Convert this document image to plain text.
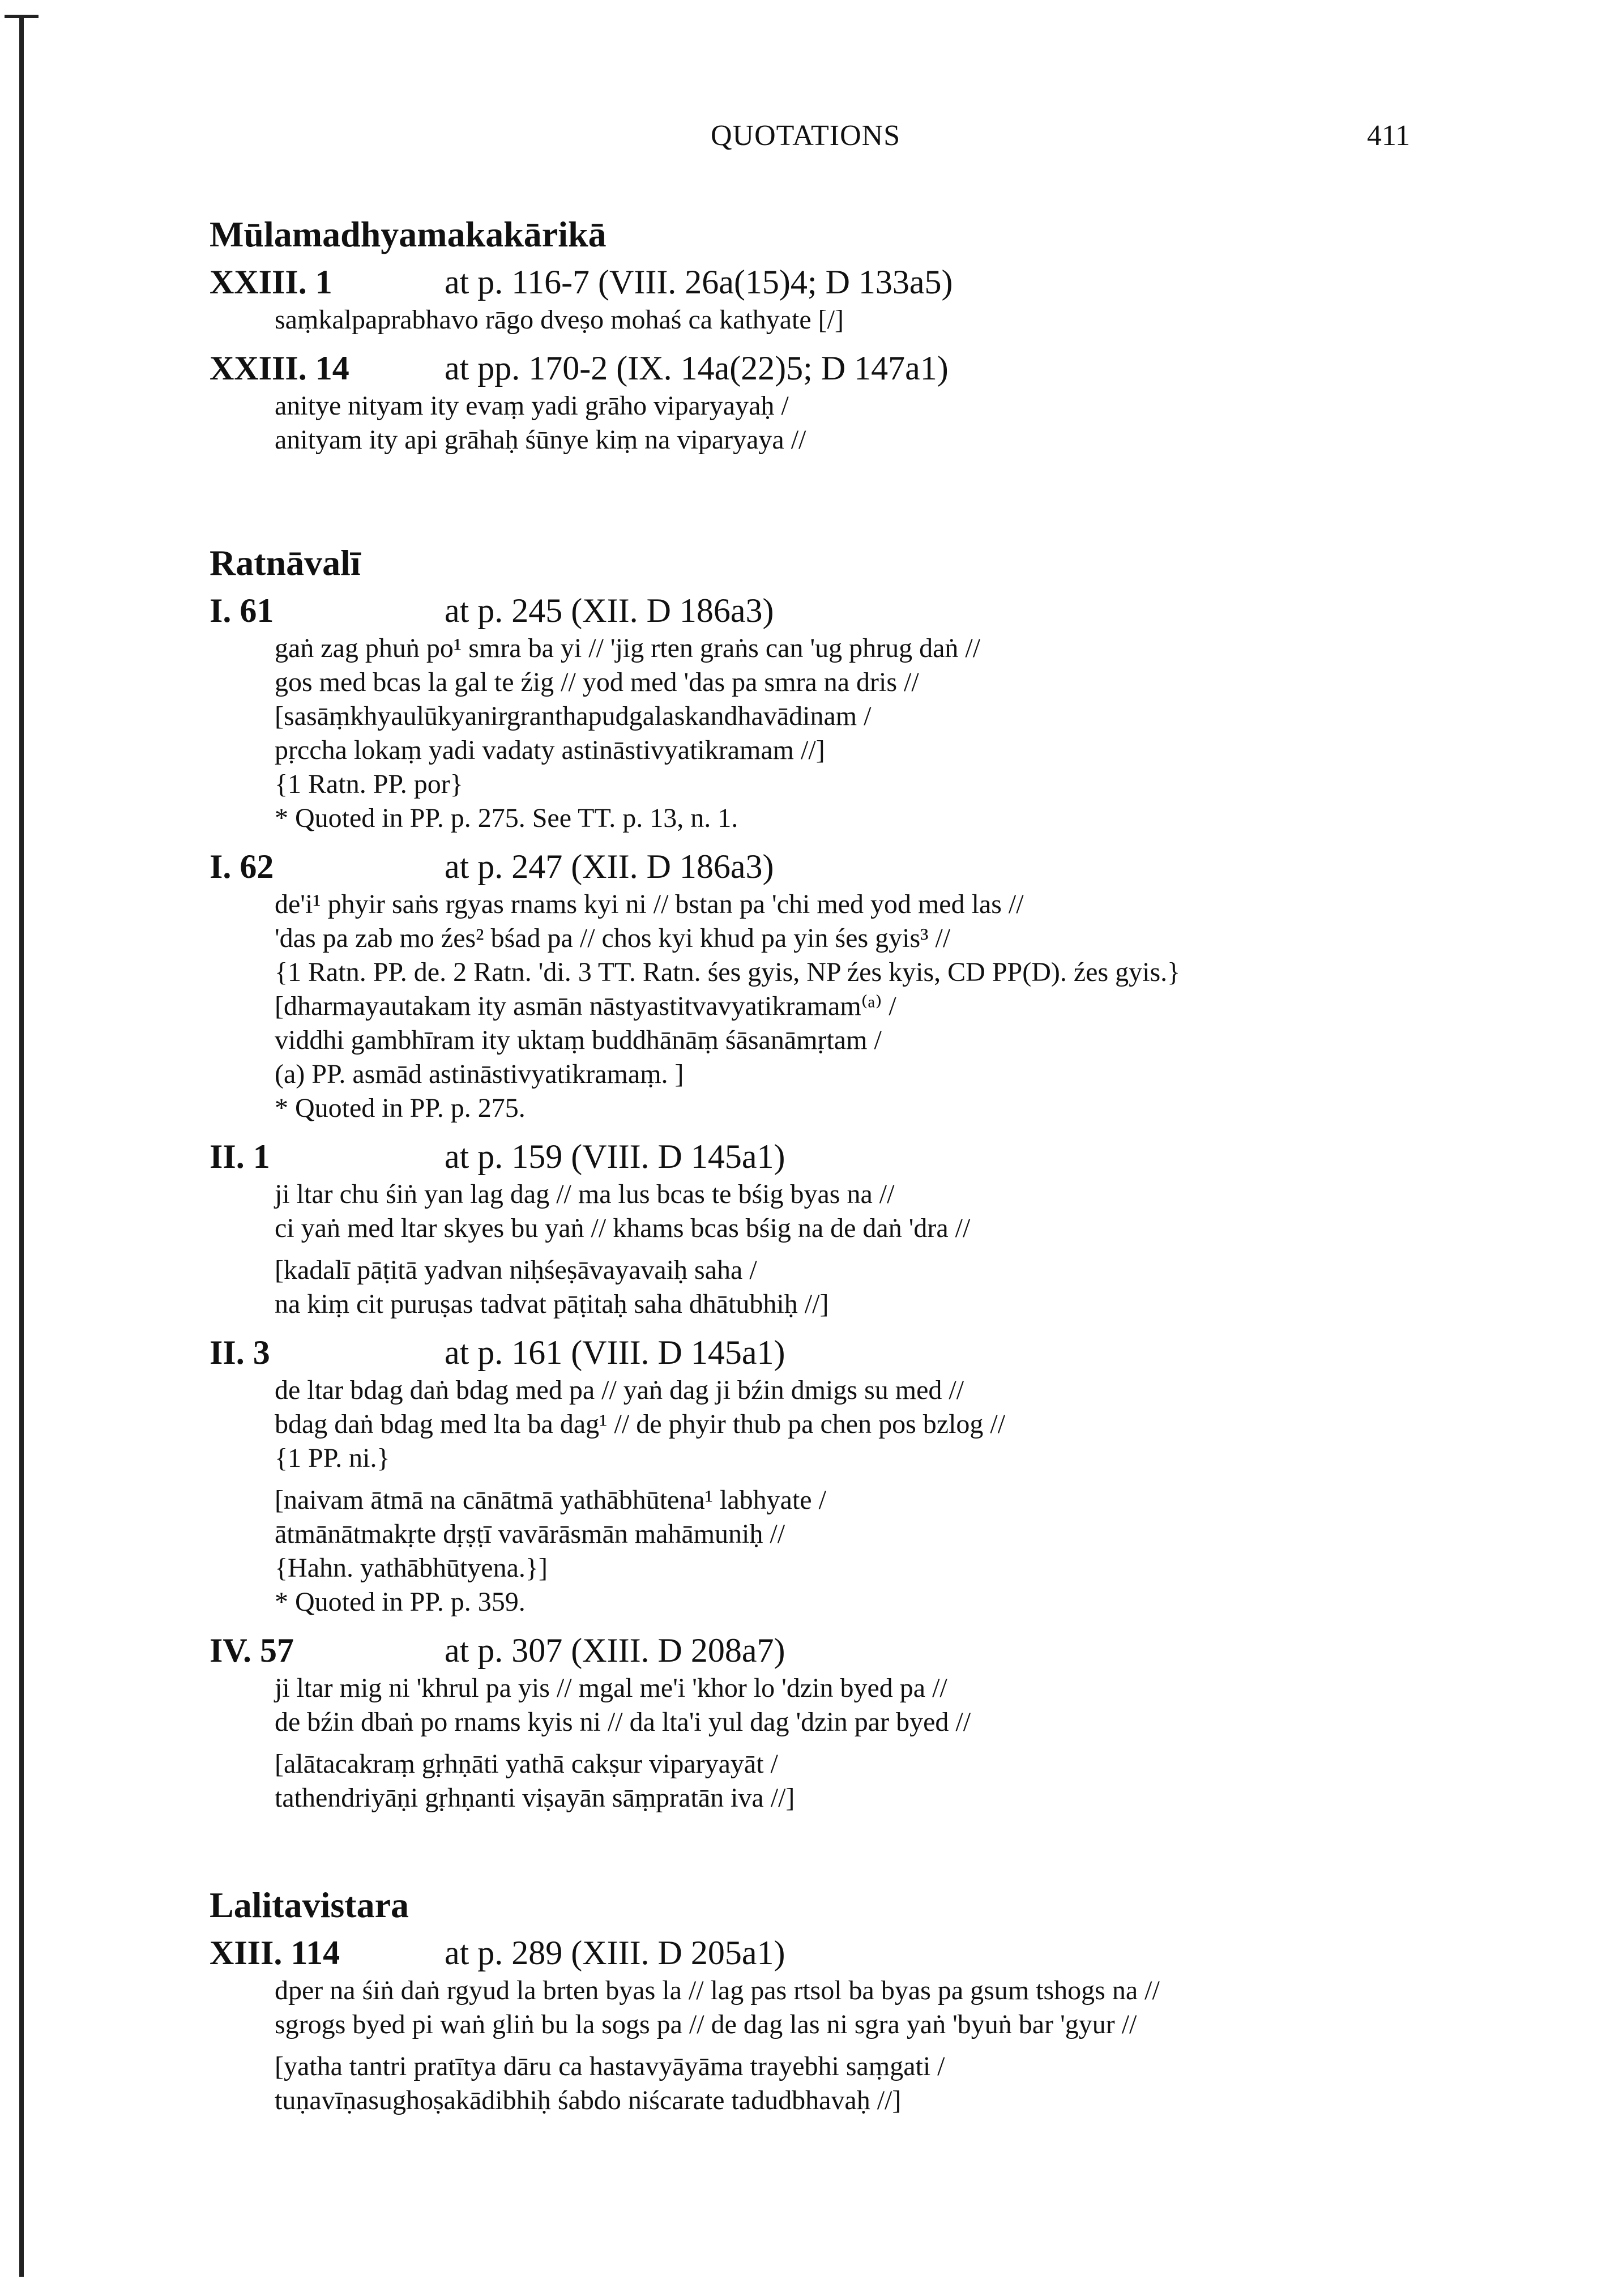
QUOTATIONS	411
Mūlamadhyamakakārikā
XXIII. 1	at p. 116-7 (VIII. 26a(15)4; D 133a5)
saṃkalpaprabhavo rāgo dveṣo mohaś ca kathyate [/]
XXIII. 14	at pp. 170-2 (IX. 14a(22)5; D 147a1)
anitye nityam ity evaṃ yadi grāho viparyayaḥ /
anityam ity api grāhaḥ śūnye kiṃ na viparyaya //
Ratnāvalī
I. 61	at p. 245 (XII. D 186a3)
gaṅ zag phuṅ po¹ smra ba yi // 'jig rten graṅs can 'ug phrug daṅ //
gos med bcas la gal te źig // yod med 'das pa smra na dris //
[sasāṃkhyaulūkyanirgranthapudgalaskandhavādinam /
pṛccha lokaṃ yadi vadaty astināstivyatikramam //]
{1 Ratn. PP. por}
* Quoted in PP. p. 275. See TT. p. 13, n. 1.
I. 62	at p. 247 (XII. D 186a3)
de'i¹ phyir saṅs rgyas rnams kyi ni // bstan pa 'chi med yod med las //
'das pa zab mo źes² bśad pa // chos kyi khud pa yin śes gyis³ //
{1 Ratn. PP. de. 2 Ratn. 'di. 3 TT. Ratn. śes gyis, NP źes kyis, CD PP(D). źes gyis.}
[dharmayautakam ity asmān nāstyastitvavyatikramam⁽ᵃ⁾ /
viddhi gambhīram ity uktaṃ buddhānāṃ śāsanāmṛtam /
(a) PP. asmād astināstivyatikramaṃ. ]
* Quoted in PP. p. 275.
II. 1	at p. 159 (VIII. D 145a1)
ji ltar chu śiṅ yan lag dag // ma lus bcas te bśig byas na //
ci yaṅ med ltar skyes bu yaṅ // khams bcas bśig na de daṅ 'dra //
[kadalī pāṭitā yadvan niḥśeṣāvayavaiḥ saha /
na kiṃ cit puruṣas tadvat pāṭitaḥ saha dhātubhiḥ //]
II. 3	at p. 161 (VIII. D 145a1)
de ltar bdag daṅ bdag med pa // yaṅ dag ji bźin dmigs su med //
bdag daṅ bdag med lta ba dag¹ // de phyir thub pa chen pos bzlog //
{1 PP. ni.}
[naivam ātmā na cānātmā yathābhūtena¹ labhyate /
ātmānātmakṛte dṛṣṭī vavārāsmān mahāmuniḥ //
{Hahn. yathābhūtyena.}]
* Quoted in PP. p. 359.
IV. 57	at p. 307 (XIII. D 208a7)
ji ltar mig ni 'khrul pa yis // mgal me'i 'khor lo 'dzin byed pa //
de bźin dbaṅ po rnams kyis ni // da lta'i yul dag 'dzin par byed //
[alātacakraṃ gṛhṇāti yathā cakṣur viparyayāt /
tathendriyāṇi gṛhṇanti viṣayān sāṃpratān iva //]
Lalitavistara
XIII. 114	at p. 289 (XIII. D 205a1)
dper na śiṅ daṅ rgyud la brten byas la // lag pas rtsol ba byas pa gsum tshogs na //
sgrogs byed pi waṅ gliṅ bu la sogs pa // de dag las ni sgra yaṅ 'byuṅ bar 'gyur //
[yatha tantri pratītya dāru ca hastavyāyāma trayebhi saṃgati /
tuṇavīṇasughoṣakādibhiḥ śabdo niścarate tadudbhavaḥ //]
